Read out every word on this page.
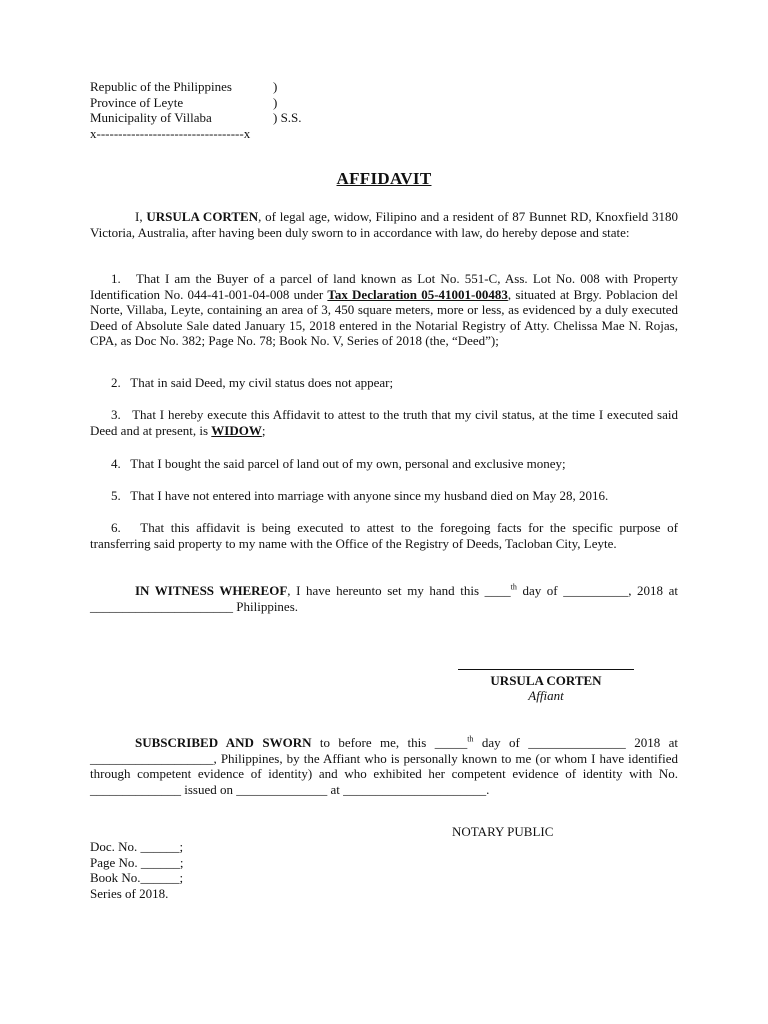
Republic of the Philippines	)
Province of Leyte	)
Municipality of Villaba	) S.S.
x----------------------------------x
AFFIDAVIT
I, URSULA CORTEN, of legal age, widow, Filipino and a resident of 87 Bunnet RD, Knoxfield 3180 Victoria, Australia, after having been duly sworn to in accordance with law, do hereby depose and state:
1. That I am the Buyer of a parcel of land known as Lot No. 551-C, Ass. Lot No. 008 with Property Identification No. 044-41-001-04-008 under Tax Declaration 05-41001-00483, situated at Brgy. Poblacion del Norte, Villaba, Leyte, containing an area of 3, 450 square meters, more or less, as evidenced by a duly executed Deed of Absolute Sale dated January 15, 2018 entered in the Notarial Registry of Atty. Chelissa Mae N. Rojas, CPA, as Doc No. 382; Page No. 78; Book No. V, Series of 2018 (the, “Deed”);
2. That in said Deed, my civil status does not appear;
3. That I hereby execute this Affidavit to attest to the truth that my civil status, at the time I executed said Deed and at present, is WIDOW;
4. That I bought the said parcel of land out of my own, personal and exclusive money;
5. That I have not entered into marriage with anyone since my husband died on May 28, 2016.
6. That this affidavit is being executed to attest to the foregoing facts for the specific purpose of transferring said property to my name with the Office of the Registry of Deeds, Tacloban City, Leyte.
IN WITNESS WHEREOF, I have hereunto set my hand this ____$^{th}$ day of __________, 2018 at ______________________ Philippines.
URSULA CORTEN
Affiant
SUBSCRIBED AND SWORN to before me, this _____$^{th}$ day of _______________ 2018 at ___________________, Philippines, by the Affiant who is personally known to me (or whom I have identified through competent evidence of identity) and who exhibited her competent evidence of identity with No. ______________ issued on ______________ at ______________________.
NOTARY PUBLIC
Doc. No. ______;
Page No. ______;
Book No.______;
Series of 2018.
